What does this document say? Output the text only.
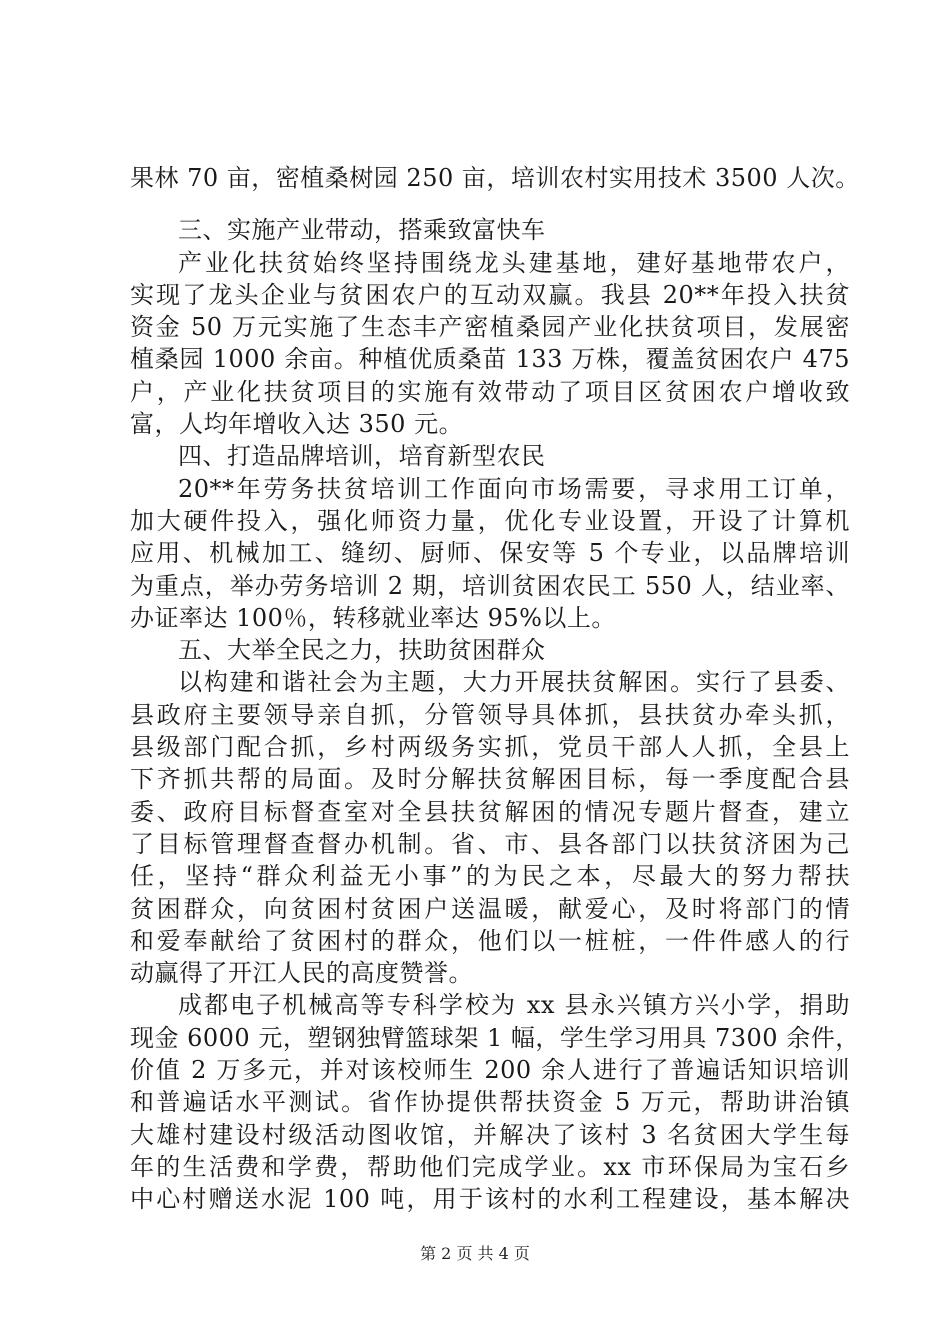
果林 70 亩，密植桑树园 250 亩，培训农村实用技术 3500 人次。
三、实施产业带动，搭乘致富快车
产业化扶贫始终坚持围绕龙头建基地，建好基地带农户，
实现了龙头企业与贫困农户的互动双赢。我县 20**年投入扶贫
资金 50 万元实施了生态丰产密植桑园产业化扶贫项目，发展密
植桑园 1000 余亩。种植优质桑苗 133 万株，覆盖贫困农户 475
户，产业化扶贫项目的实施有效带动了项目区贫困农户增收致
富，人均年增收入达 350 元。
四、打造品牌培训，培育新型农民
20**年劳务扶贫培训工作面向市场需要，寻求用工订单，
加大硬件投入，强化师资力量，优化专业设置，开设了计算机
应用、机械加工、缝纫、厨师、保安等 5 个专业，以品牌培训
为重点，举办劳务培训 2 期，培训贫困农民工 550 人，结业率、
办证率达 100％，转移就业率达 95%以上。
五、大举全民之力，扶助贫困群众
以构建和谐社会为主题，大力开展扶贫解困。实行了县委、
县政府主要领导亲自抓，分管领导具体抓，县扶贫办牵头抓，
县级部门配合抓，乡村两级务实抓，党员干部人人抓，全县上
下齐抓共帮的局面。及时分解扶贫解困目标，每一季度配合县
委、政府目标督查室对全县扶贫解困的情况专题片督查，建立
了目标管理督查督办机制。省、市、县各部门以扶贫济困为己
任，坚持“群众利益无小事”的为民之本，尽最大的努力帮扶
贫困群众，向贫困村贫困户送温暖，献爱心，及时将部门的情
和爱奉献给了贫困村的群众，他们以一桩桩，一件件感人的行
动赢得了开江人民的高度赞誉。
成都电子机械高等专科学校为 xx 县永兴镇方兴小学，捐助
现金 6000 元，塑钢独臂篮球架 1 幅，学生学习用具 7300 余件，
价值 2 万多元，并对该校师生 200 余人进行了普遍话知识培训
和普遍话水平测试。省作协提供帮扶资金 5 万元，帮助讲治镇
大雄村建设村级活动图收馆，并解决了该村 3 名贫困大学生每
年的生活费和学费，帮助他们完成学业。xx 市环保局为宝石乡
中心村赠送水泥 100 吨，用于该村的水利工程建设，基本解决
第 2 页 共 4 页
